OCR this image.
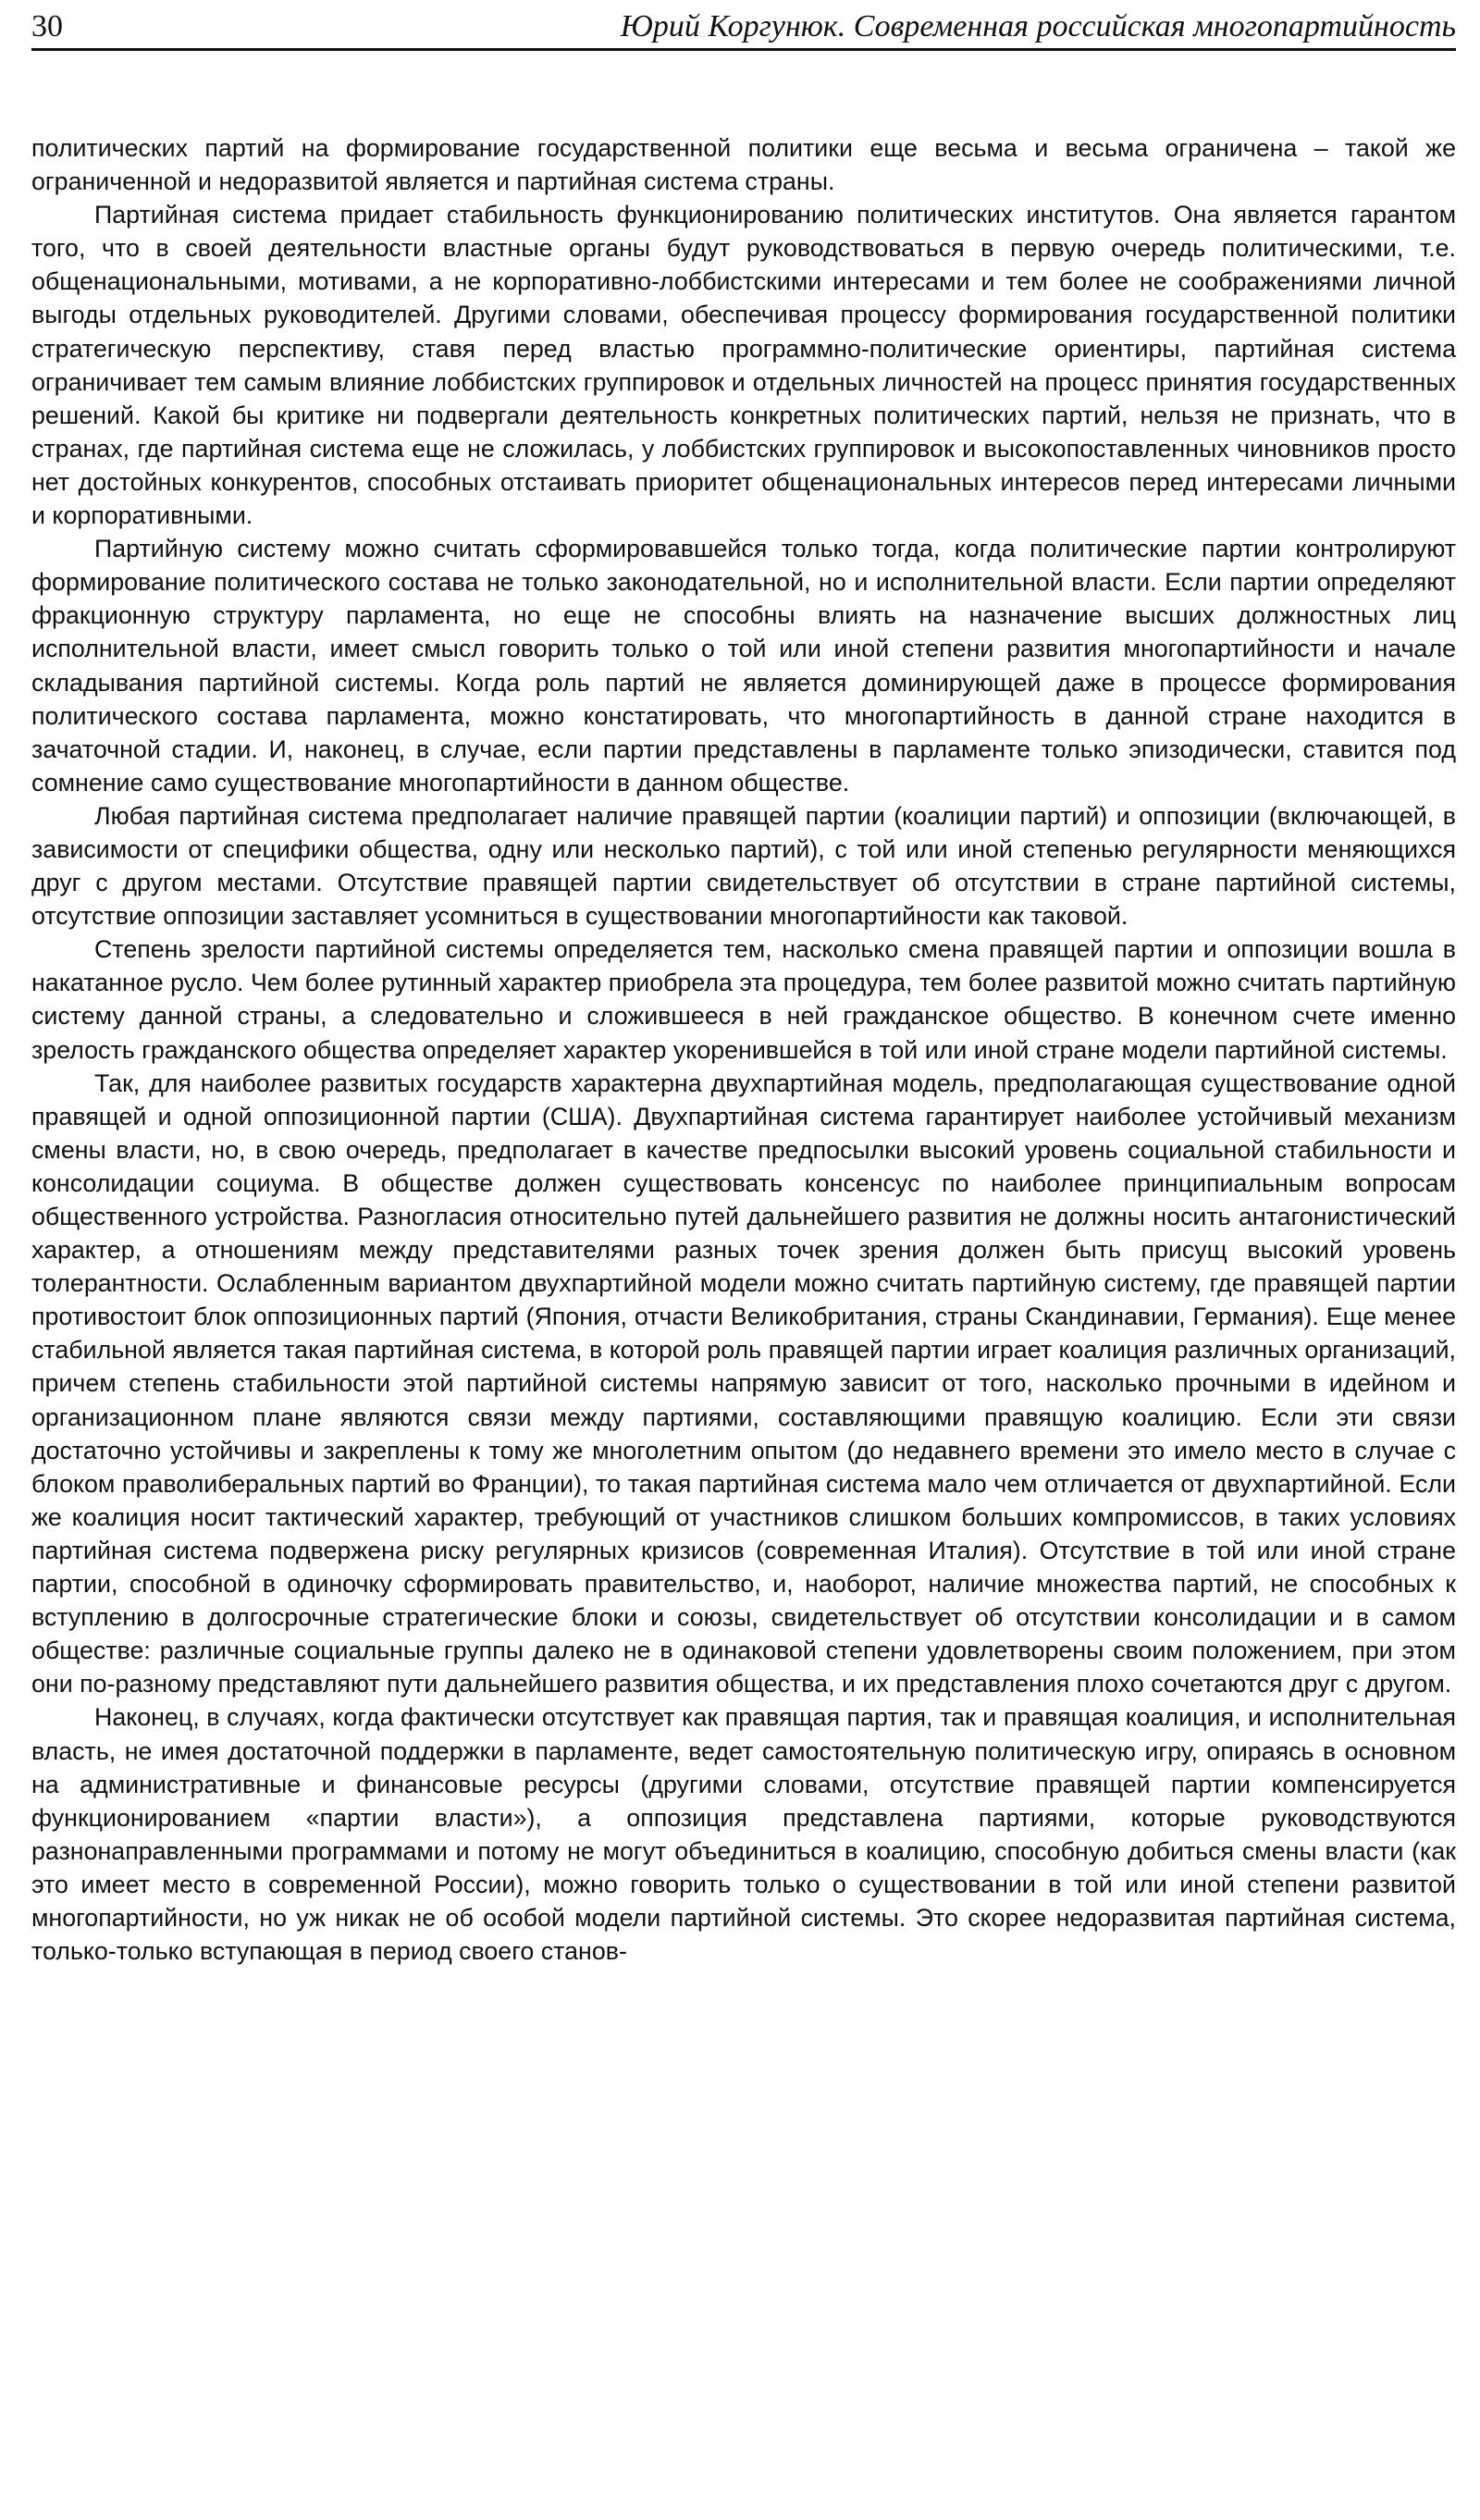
30	Юрий Коргунюк. Современная российская многопартийность

политических партий на формирование государственной политики еще весьма и весьма ограничена – такой же ограниченной и недоразвитой является и партийная система страны.

Партийная система придает стабильность функционированию политических институтов. Она является гарантом того, что в своей деятельности властные органы будут руководствоваться в первую очередь политическими, т.е. общенациональными, мотивами, а не корпоративно-лоббистскими интересами и тем более не соображениями личной выгоды отдельных руководителей. Другими словами, обеспечивая процессу формирования государственной политики стратегическую перспективу, ставя перед властью программно-политические ориентиры, партийная система ограничивает тем самым влияние лоббистских группировок и отдельных личностей на процесс принятия государственных решений. Какой бы критике ни подвергали деятельность конкретных политических партий, нельзя не признать, что в странах, где партийная система еще не сложилась, у лоббистских группировок и высокопоставленных чиновников просто нет достойных конкурентов, способных отстаивать приоритет общенациональных интересов перед интересами личными и корпоративными.

Партийную систему можно считать сформировавшейся только тогда, когда политические партии контролируют формирование политического состава не только законодательной, но и исполнительной власти. Если партии определяют фракционную структуру парламента, но еще не способны влиять на назначение высших должностных лиц исполнительной власти, имеет смысл говорить только о той или иной степени развития многопартийности и начале складывания партийной системы. Когда роль партий не является доминирующей даже в процессе формирования политического состава парламента, можно констатировать, что многопартийность в данной стране находится в зачаточной стадии. И, наконец, в случае, если партии представлены в парламенте только эпизодически, ставится под сомнение само существование многопартийности в данном обществе.

Любая партийная система предполагает наличие правящей партии (коалиции партий) и оппозиции (включающей, в зависимости от специфики общества, одну или несколько партий), с той или иной степенью регулярности меняющихся друг с другом местами. Отсутствие правящей партии свидетельствует об отсутствии в стране партийной системы, отсутствие оппозиции заставляет усомниться в существовании многопартийности как таковой.

Степень зрелости партийной системы определяется тем, насколько смена правящей партии и оппозиции вошла в накатанное русло. Чем более рутинный характер приобрела эта процедура, тем более развитой можно считать партийную систему данной страны, а следовательно и сложившееся в ней гражданское общество. В конечном счете именно зрелость гражданского общества определяет характер укоренившейся в той или иной стране модели партийной системы.

Так, для наиболее развитых государств характерна двухпартийная модель, предполагающая существование одной правящей и одной оппозиционной партии (США). Двухпартийная система гарантирует наиболее устойчивый механизм смены власти, но, в свою очередь, предполагает в качестве предпосылки высокий уровень социальной стабильности и консолидации социума. В обществе должен существовать консенсус по наиболее принципиальным вопросам общественного устройства. Разногласия относительно путей дальнейшего развития не должны носить антагонистический характер, а отношениям между представителями разных точек зрения должен быть присущ высокий уровень толерантности. Ослабленным вариантом двухпартийной модели можно считать партийную систему, где правящей партии противостоит блок оппозиционных партий (Япония, отчасти Великобритания, страны Скандинавии, Германия). Еще менее стабильной является такая партийная система, в которой роль правящей партии играет коалиция различных организаций, причем степень стабильности этой партийной системы напрямую зависит от того, насколько прочными в идейном и организационном плане являются связи между партиями, составляющими правящую коалицию. Если эти связи достаточно устойчивы и закреплены к тому же многолетним опытом (до недавнего времени это имело место в случае с блоком праволиберальных партий во Франции), то такая партийная система мало чем отличается от двухпартийной. Если же коалиция носит тактический характер, требующий от участников слишком больших компромиссов, в таких условиях партийная система подвержена риску регулярных кризисов (современная Италия). Отсутствие в той или иной стране партии, способной в одиночку сформировать правительство, и, наоборот, наличие множества партий, не способных к вступлению в долгосрочные стратегические блоки и союзы, свидетельствует об отсутствии консолидации и в самом обществе: различные социальные группы далеко не в одинаковой степени удовлетворены своим положением, при этом они по-разному представляют пути дальнейшего развития общества, и их представления плохо сочетаются друг с другом.

Наконец, в случаях, когда фактически отсутствует как правящая партия, так и правящая коалиция, и исполнительная власть, не имея достаточной поддержки в парламенте, ведет самостоятельную политическую игру, опираясь в основном на административные и финансовые ресурсы (другими словами, отсутствие правящей партии компенсируется функционированием «партии власти»), а оппозиция представлена партиями, которые руководствуются разнонаправленными программами и потому не могут объединиться в коалицию, способную добиться смены власти (как это имеет место в современной России), можно говорить только о существовании в той или иной степени развитой многопартийности, но уж никак не об особой модели партийной системы. Это скорее недоразвитая партийная система, только-только вступающая в период своего станов-
